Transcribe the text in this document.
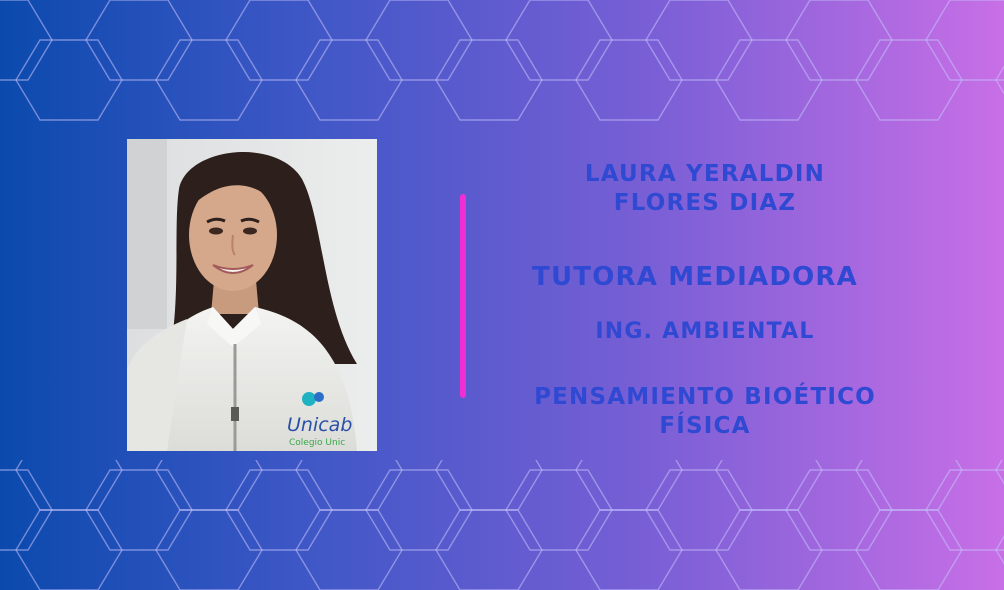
Unicab
Colegio Unic
LAURA YERALDIN
FLORES DIAZ
TUTORA MEDIADORA
ING. AMBIENTAL
PENSAMIENTO BIOÉTICO
FÍSICA
